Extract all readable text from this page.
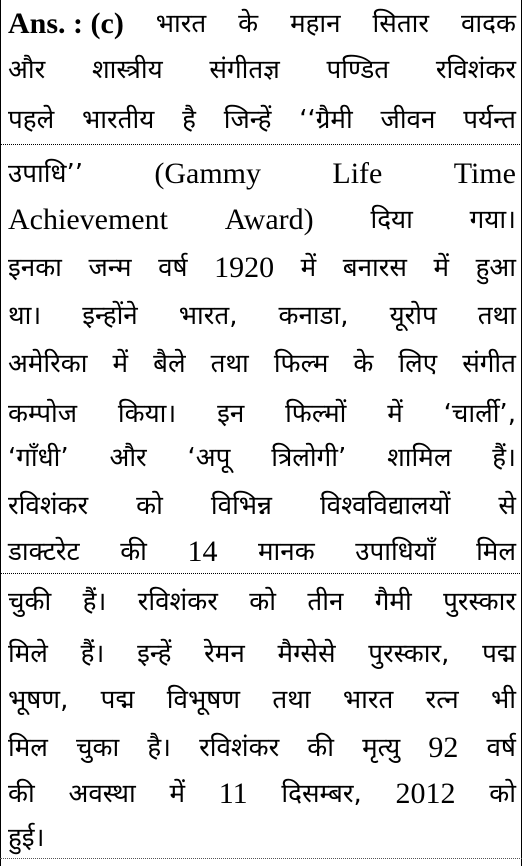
Ans. : (c) भारत के महान सितार वादक
और शास्त्रीय संगीतज्ञ पण्डित रविशंकर
पहले भारतीय है जिन्हें ‘‘ग्रैमी जीवन पर्यन्त
उपाधि’’ (Gammy Life Time
Achievement Award) दिया गया।
इनका जन्म वर्ष 1920 में बनारस में हुआ
था। इन्होंने भारत, कनाडा, यूरोप तथा
अमेरिका में बैले तथा फिल्म के लिए संगीत
कम्पोज किया। इन फिल्मों में ‘चार्ली’,
‘गाँधी’ और ‘अपू त्रिलोगी’ शामिल हैं।
रविशंकर को विभिन्न विश्वविद्यालयों से
डाक्टरेट की 14 मानक उपाधियाँ मिल
चुकी हैं। रविशंकर को तीन गैमी पुरस्कार
मिले हैं। इन्हें रेमन मैग्सेसे पुरस्कार, पद्म
भूषण, पद्म विभूषण तथा भारत रत्न भी
मिल चुका है। रविशंकर की मृत्यु 92 वर्ष
की अवस्था में 11 दिसम्बर, 2012 को
हुई।
